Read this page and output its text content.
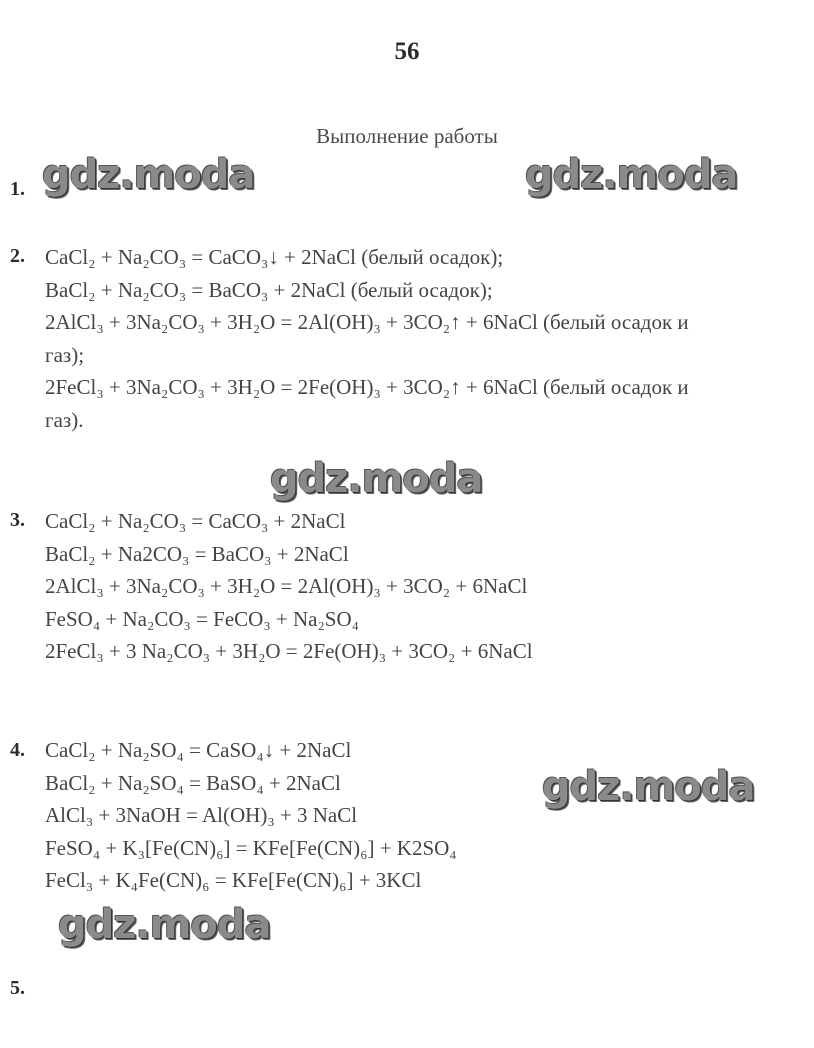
56
Выполнение работы
gdz.moda	gdz.moda
gdz.moda
gdz.moda
gdz.moda
1.
2. CaCl₂ + Na₂CO₃ = CaCO₃↓ + 2NaCl (белый осадок);
BaCl₂ + Na₂CO₃ = BaCO₃ + 2NaCl (белый осадок);
2AlCl₃ + 3Na₂CO₃ + 3H₂O = 2Al(OH)₃ + 3CO₂↑ + 6NaCl (белый осадок и
газ);
2FeCl₃ + 3Na₂CO₃ + 3H₂O = 2Fe(OH)₃ + 3CO₂↑ + 6NaCl (белый осадок и
газ).
3. CaCl₂ + Na₂CO₃ = CaCO₃ + 2NaCl
BaCl₂ + Na2CO₃ = BaCO₃ + 2NaCl
2AlCl₃ + 3Na₂CO₃ + 3H₂O = 2Al(OH)₃ + 3CO₂ + 6NaCl
FeSO₄ + Na₂CO₃ = FeCO₃ + Na₂SO₄
2FeCl₃ + 3 Na₂CO₃ + 3H₂O = 2Fe(OH)₃ + 3CO₂ + 6NaCl
4. CaCl₂ + Na₂SO₄ = CaSO₄↓ + 2NaCl
BaCl₂ + Na₂SO₄ = BaSO₄ + 2NaCl
AlCl₃ + 3NaOH = Al(OH)₃ + 3 NaCl
FeSO₄ + K₃[Fe(CN)₆] = KFe[Fe(CN)₆] + K2SO₄
FeCl₃ + K₄Fe(CN)₆ = KFe[Fe(CN)₆] + 3KCl
5.
